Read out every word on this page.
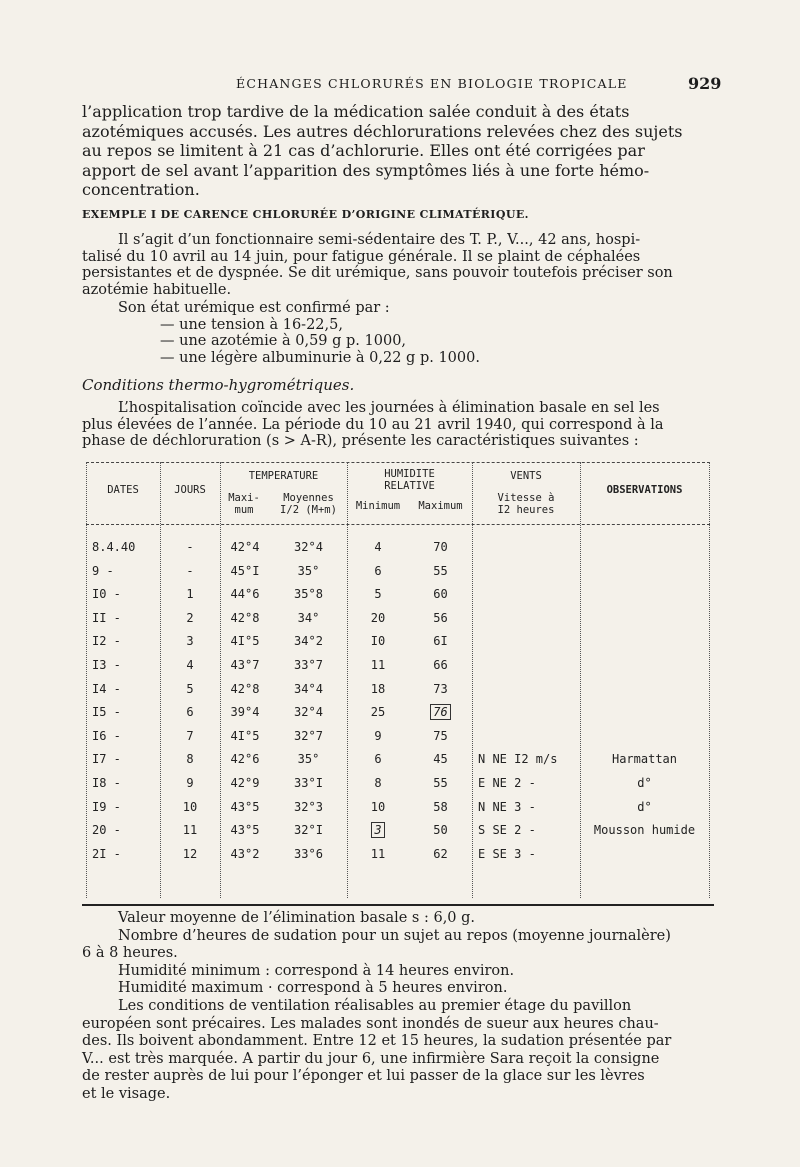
ÉCHANGES CHLORURÉS EN BIOLOGIE TROPICALE	929
l’application trop tardive de la médication salée conduit à des états
azotémiques accusés. Les autres déchlorurations relevées chez des sujets
au repos se limitent à 21 cas d’achlorurie. Elles ont été corrigées par
apport de sel avant l’apparition des symptômes liés à une forte hémo-
concentration.
EXEMPLE I DE CARENCE CHLORURÉE D’ORIGINE CLIMATÉRIQUE.
Il s’agit d’un fonctionnaire semi-sédentaire des T. P., V..., 42 ans, hospi-
talisé du 10 avril au 14 juin, pour fatigue générale. Il se plaint de céphalées
persistantes et de dyspnée. Se dit urémique, sans pouvoir toutefois préciser son
azotémie habituelle.
Son état urémique est confirmé par :
— une tension à 16-22,5,
— une azotémie à 0,59 g p. 1000,
— une légère albuminurie à 0,22 g p. 1000.
Conditions thermo-hygrométriques.
L’hospitalisation coïncide avec les journées à élimination basale en sel les
plus élevées de l’année. La période du 10 au 21 avril 1940, qui correspond à la
phase de déchloruration (s > A-R), présente les caractéristiques suivantes :
DATES	JOURS
TEMPERATURE
Maxi-
mum
Moyennes
I/2 (M+m)
HUMIDITE
RELATIVE
Minimum	Maximum
VENTS
Vitesse à
I2 heures
OBSERVATIONS
8.4.40	-	42°4	32°4	4	70
9 -	-	45°I	35°	6	55
I0 -	1	44°6	35°8	5	60
II -	2	42°8	34°	20	56
I2 -	3	4I°5	34°2	I0	6I
I3 -	4	43°7	33°7	11	66
I4 -	5	42°8	34°4	18	73
I5 -	6	39°4	32°4	25	76
I6 -	7	4I°5	32°7	9	75
I7 -	8	42°6	35°	6	45	N NE I2 m/s	Harmattan
I8 -	9	42°9	33°I	8	55	E NE 2 -	d°
I9 -	10	43°5	32°3	10	58	N NE 3 -	d°
20 -	11	43°5	32°I	3	50	S SE 2 -	Mousson humide
2I -	12	43°2	33°6	11	62	E SE 3 -
Valeur moyenne de l’élimination basale s : 6,0 g.
Nombre d’heures de sudation pour un sujet au repos (moyenne journalère)
6 à 8 heures.
Humidité minimum : correspond à 14 heures environ.
Humidité maximum · correspond à 5 heures environ.
Les conditions de ventilation réalisables au premier étage du pavillon
européen sont précaires. Les malades sont inondés de sueur aux heures chau-
des. Ils boivent abondamment. Entre 12 et 15 heures, la sudation présentée par
V... est très marquée. A partir du jour 6, une infirmière Sara reçoit la consigne
de rester auprès de lui pour l’éponger et lui passer de la glace sur les lèvres
et le visage.
